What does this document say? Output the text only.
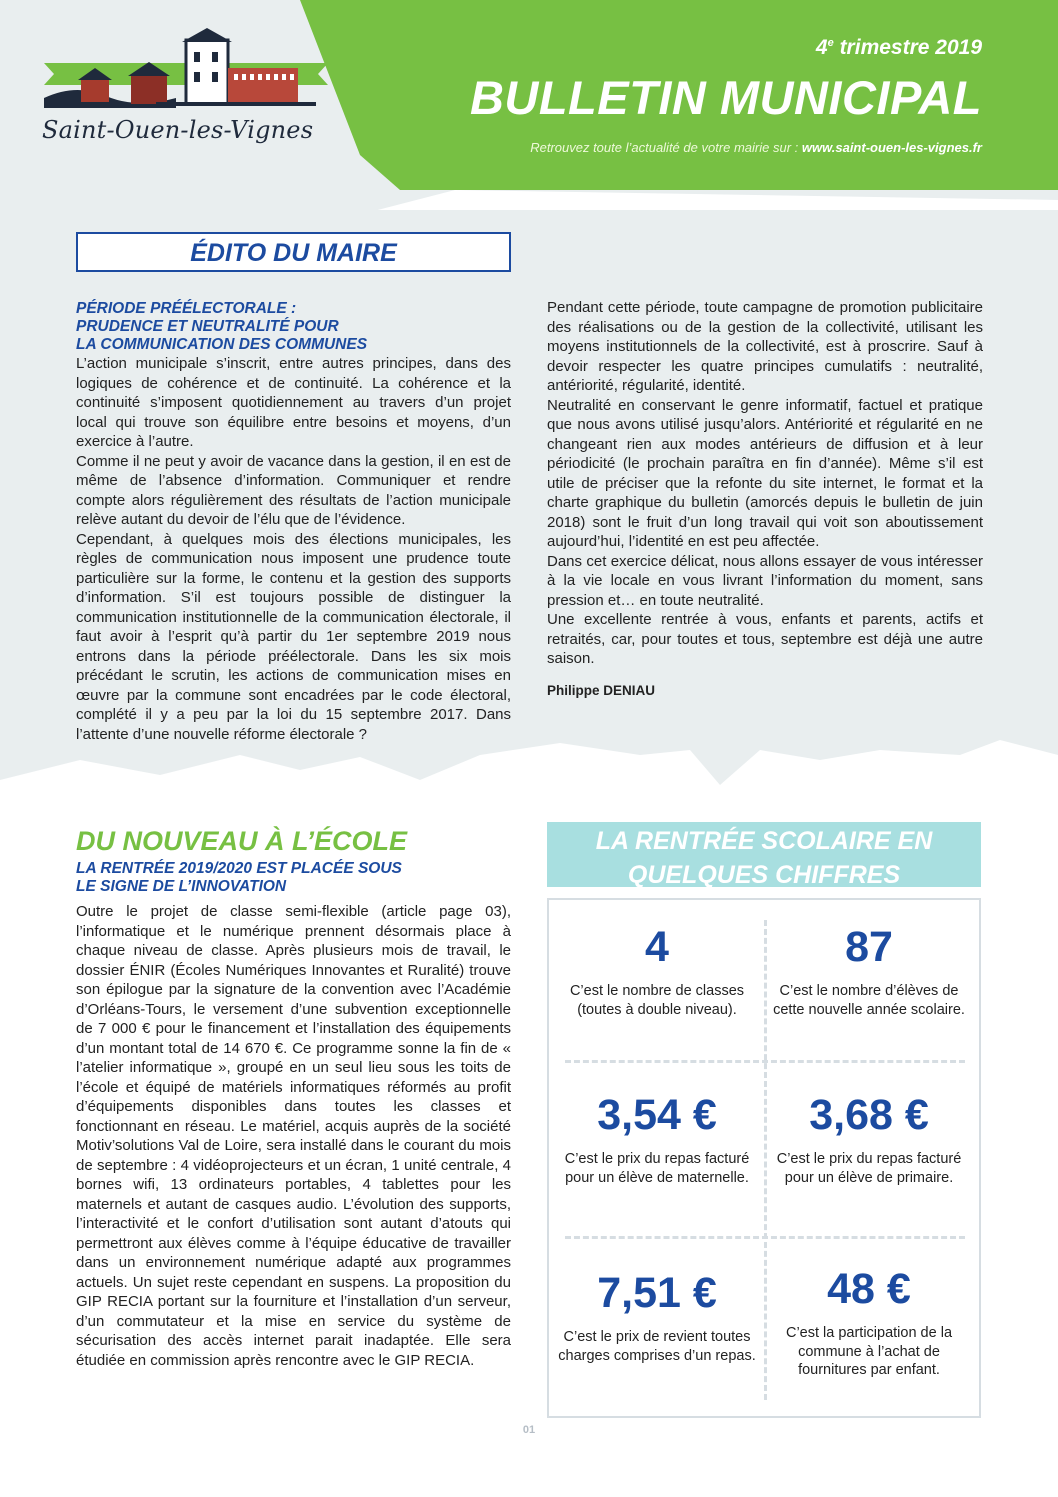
Saint-Ouen-les-Vignes
4e trimestre 2019
BULLETIN MUNICIPAL
Retrouvez toute l’actualité de votre mairie sur : www.saint-ouen-les-vignes.fr
ÉDITO DU MAIRE
PÉRIODE PRÉÉLECTORALE :
PRUDENCE ET NEUTRALITÉ POUR
LA COMMUNICATION DES COMMUNES

L’action municipale s’inscrit, entre autres principes, dans des logiques de cohérence et de continuité. La cohérence et la continuité s’imposent quotidiennement au travers d’un projet local qui trouve son équilibre entre besoins et moyens, d’un exercice à l’autre.

Comme il ne peut y avoir de vacance dans la gestion, il en est de même de l’absence d’information. Communiquer et rendre compte alors régulièrement des résultats de l’action municipale relève autant du devoir de l’élu que de l’évidence.

Cependant, à quelques mois des élections municipales, les règles de communication nous imposent une prudence toute particulière sur la forme, le contenu et la gestion des supports d’information. S’il est toujours possible de distinguer la communication institutionnelle de la communication électorale, il faut avoir à l’esprit qu’à partir du 1er septembre 2019 nous entrons dans la période préélectorale. Dans les six mois précédant le scrutin, les actions de communication mises en œuvre par la commune sont encadrées par le code électoral, complété il y a peu par la loi du 15 septembre 2017. Dans l’attente d’une nouvelle réforme électorale ?

Pendant cette période, toute campagne de promotion publicitaire des réalisations ou de la gestion de la collectivité, utilisant les moyens institutionnels de la collectivité, est à proscrire. Sauf à devoir respecter les quatre principes cumulatifs : neutralité, antériorité, régularité, identité.

Neutralité en conservant le genre informatif, factuel et pratique que nous avons utilisé jusqu’alors. Antériorité et régularité en ne changeant rien aux modes antérieurs de diffusion et à leur périodicité (le prochain paraîtra en fin d’année). Même s’il est utile de préciser que la refonte du site internet, le format et la charte graphique du bulletin (amorcés depuis le bulletin de juin 2018) sont le fruit d’un long travail qui voit son aboutissement aujourd’hui, l’identité en est peu affectée.

Dans cet exercice délicat, nous allons essayer de vous intéresser à la vie locale en vous livrant l’information du moment, sans pression et… en toute neutralité.

Une excellente rentrée à vous, enfants et parents, actifs et retraités, car, pour toutes et tous, septembre est déjà une autre saison.

Philippe DENIAU
DU NOUVEAU À L’ÉCOLE
LA RENTRÉE 2019/2020 EST PLACÉE SOUS
LE SIGNE DE L’INNOVATION

Outre le projet de classe semi-flexible (article page 03), l’informatique et le numérique prennent désormais place à chaque niveau de classe. Après plusieurs mois de travail, le dossier ÉNIR (Écoles Numériques Innovantes et Ruralité) trouve son épilogue par la signature de la convention avec l’Académie d’Orléans-Tours, le versement d’une subvention exceptionnelle de 7 000 € pour le financement et l’installation des équipements d’un montant total de 14 670 €. Ce programme sonne la fin de « l’atelier informatique », groupé en un seul lieu sous les toits de l’école et équipé de matériels informatiques réformés au profit d’équipements disponibles dans toutes les classes et fonctionnant en réseau. Le matériel, acquis auprès de la société Motiv’solutions Val de Loire, sera installé dans le courant du mois de septembre : 4 vidéoprojecteurs et un écran, 1 unité centrale, 4 bornes wifi, 13 ordinateurs portables, 4 tablettes pour les maternels et autant de casques audio. L’évolution des supports, l’interactivité et le confort d’utilisation sont autant d’atouts qui permettront aux élèves comme à l’équipe éducative de travailler dans un environnement numérique adapté aux programmes actuels. Un sujet reste cependant en suspens. La proposition du GIP RECIA portant sur la fourniture et l’installation d’un serveur, d’un commutateur et la mise en service du système de sécurisation des accès internet parait inadaptée. Elle sera étudiée en commission après rencontre avec le GIP RECIA.

LA RENTRÉE SCOLAIRE EN
QUELQUES CHIFFRES
4
C’est le nombre de classes (toutes à double niveau).
87
C’est le nombre d’élèves de cette nouvelle année scolaire.
3,54 €
C’est le prix du repas facturé pour un élève de maternelle.
3,68 €
C’est le prix du repas facturé pour un élève de primaire.
7,51 €
C’est le prix de revient toutes charges comprises d’un repas.
48 €
C’est la participation de la commune à l’achat de fournitures par enfant.
01
